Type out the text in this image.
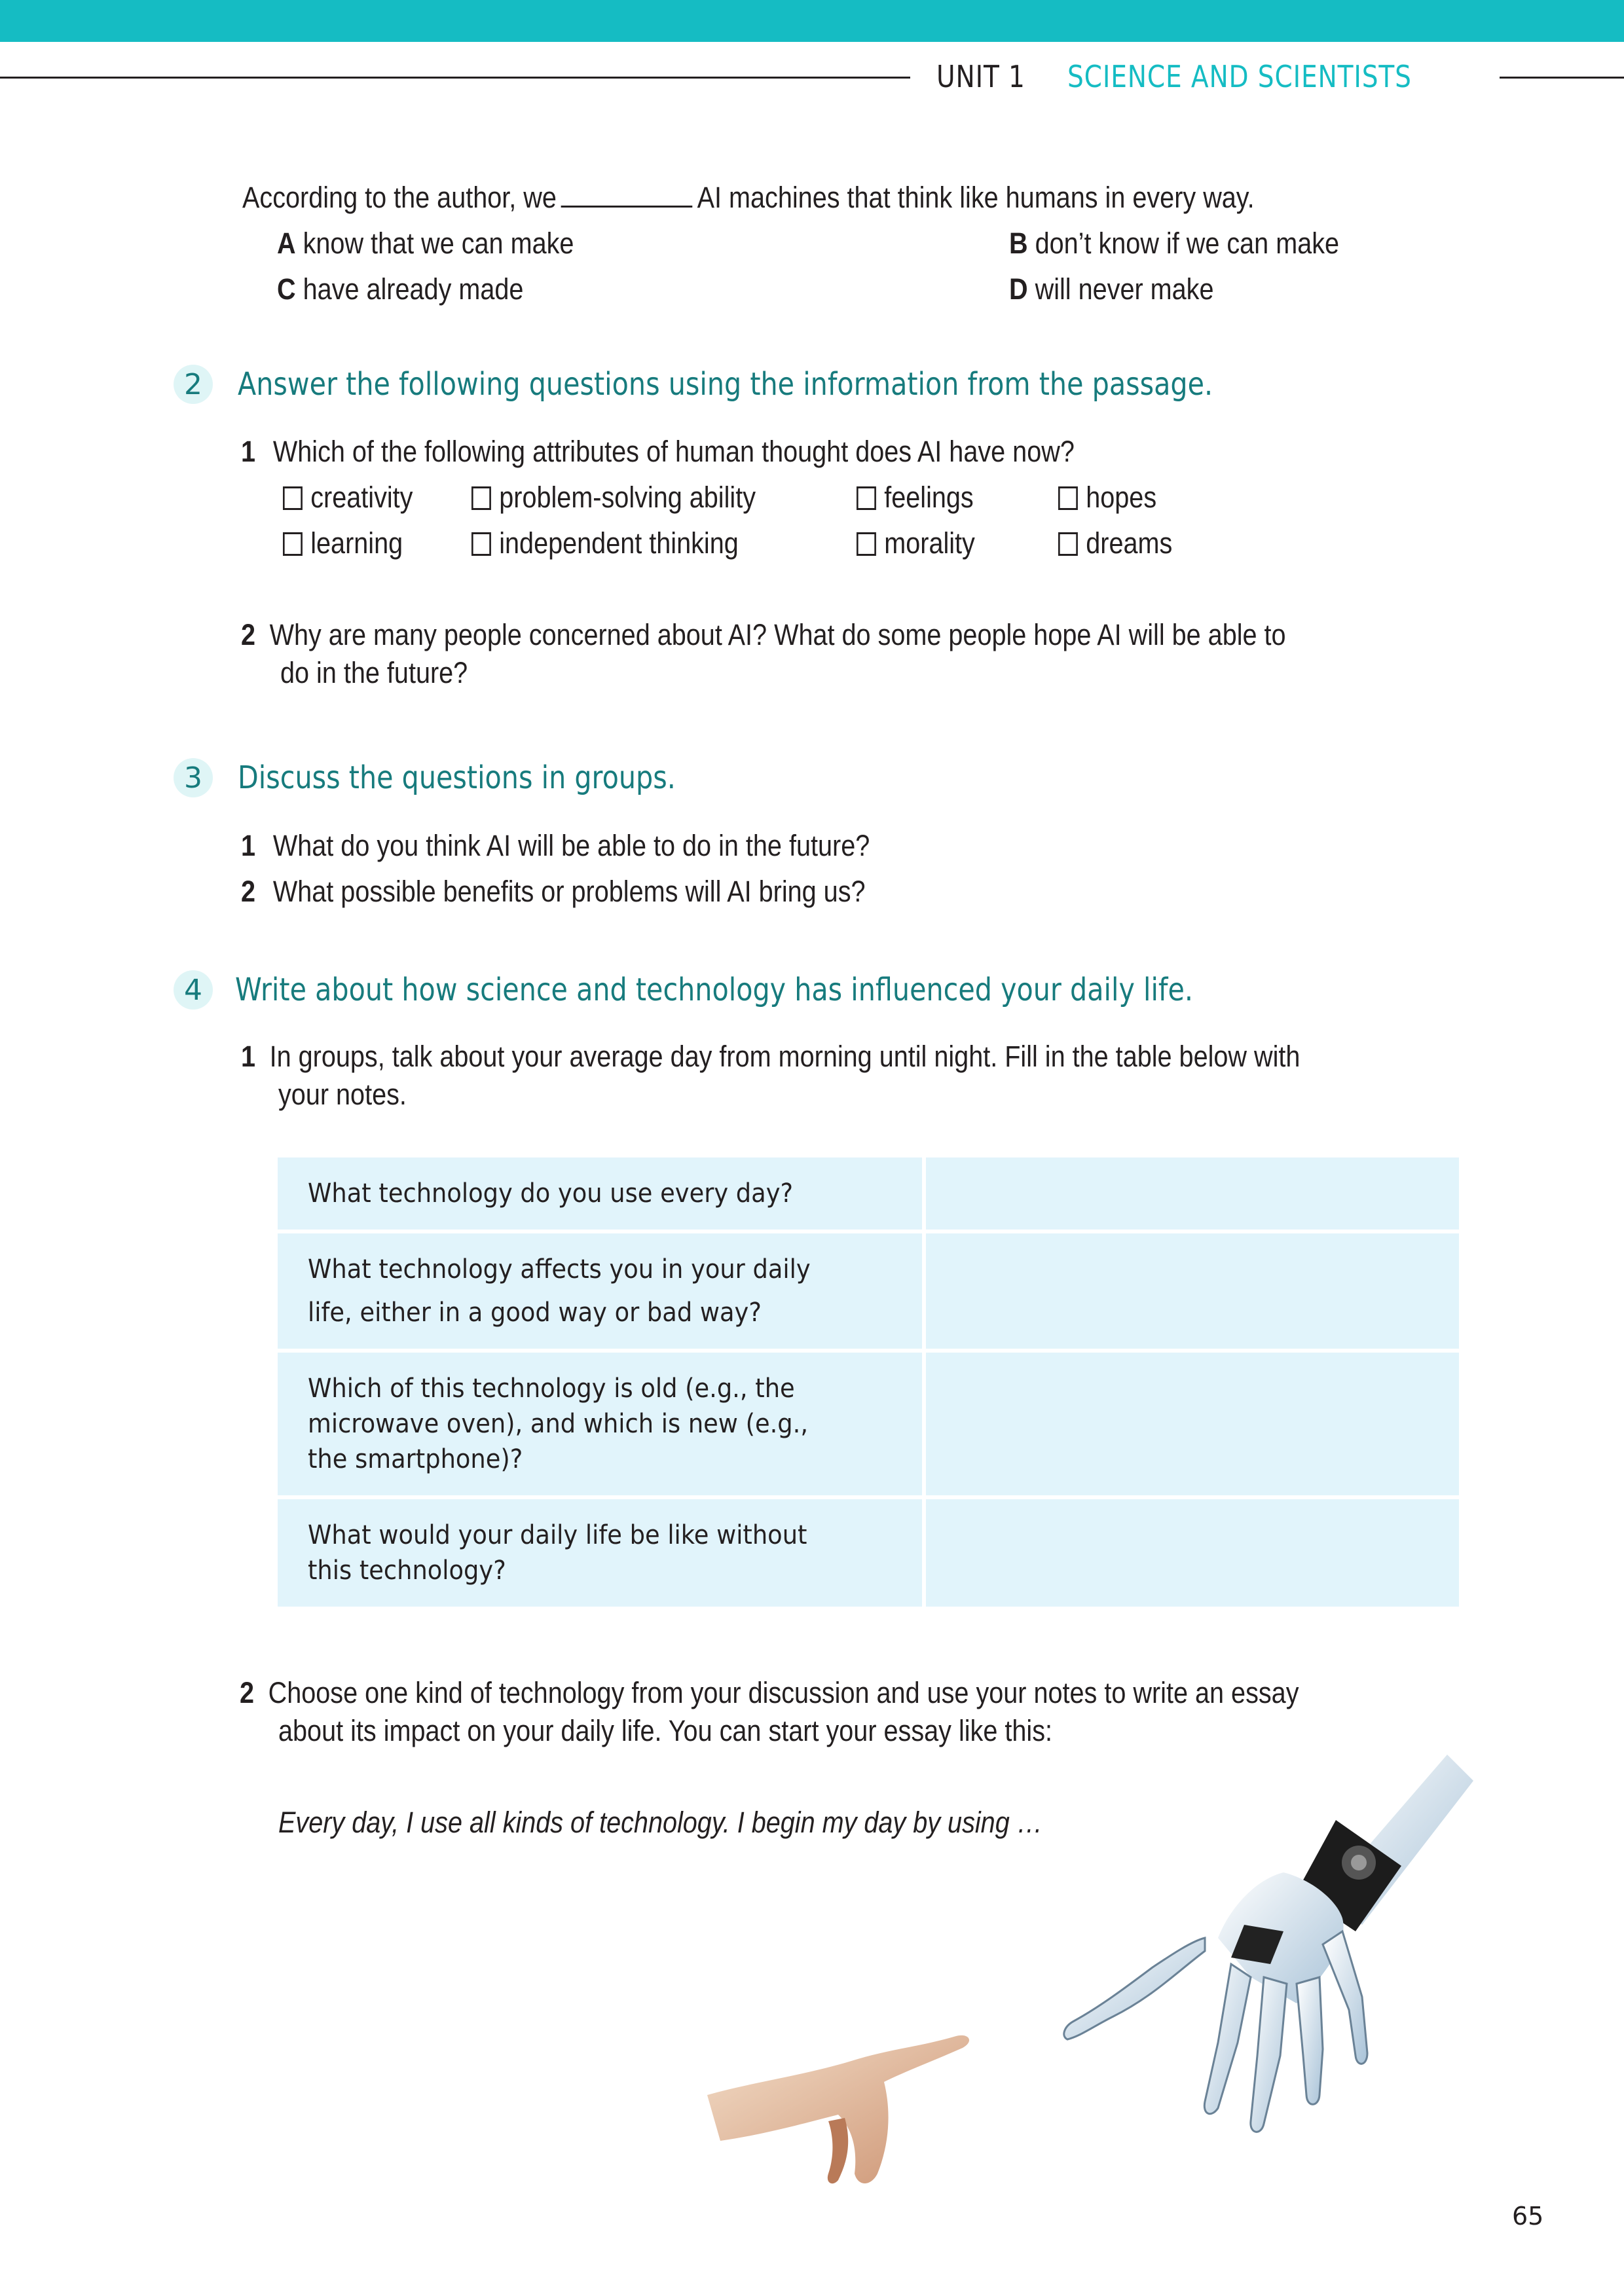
UNIT 1 SCIENCE AND SCIENTISTS
According to the author, we	AI machines that think like humans in every way.
A know that we can make	B don’t know if we can make
C have already made	D will never make
2	Answer the following questions using the information from the passage.
1 Which of the following attributes of human thought does AI have now?
creativity	problem-solving ability	feelings	hopes
learning	independent thinking	morality	dreams
2 Why are many people concerned about AI? What do some people hope AI will be able to
do in the future?
3	Discuss the questions in groups.
1 What do you think AI will be able to do in the future?
2 What possible benefits or problems will AI bring us?
4	Write about how science and technology has influenced your daily life.
1 In groups, talk about your average day from morning until night. Fill in the table below with
your notes.
What technology do you use every day?
What technology affects you in your daily life, either in a good way or bad way?
Which of this technology is old (e.g., the microwave oven), and which is new (e.g., the smartphone)?
What would your daily life be like without this technology?
2 Choose one kind of technology from your discussion and use your notes to write an essay
about its impact on your daily life. You can start your essay like this:
Every day, I use all kinds of technology. I begin my day by using …
65
